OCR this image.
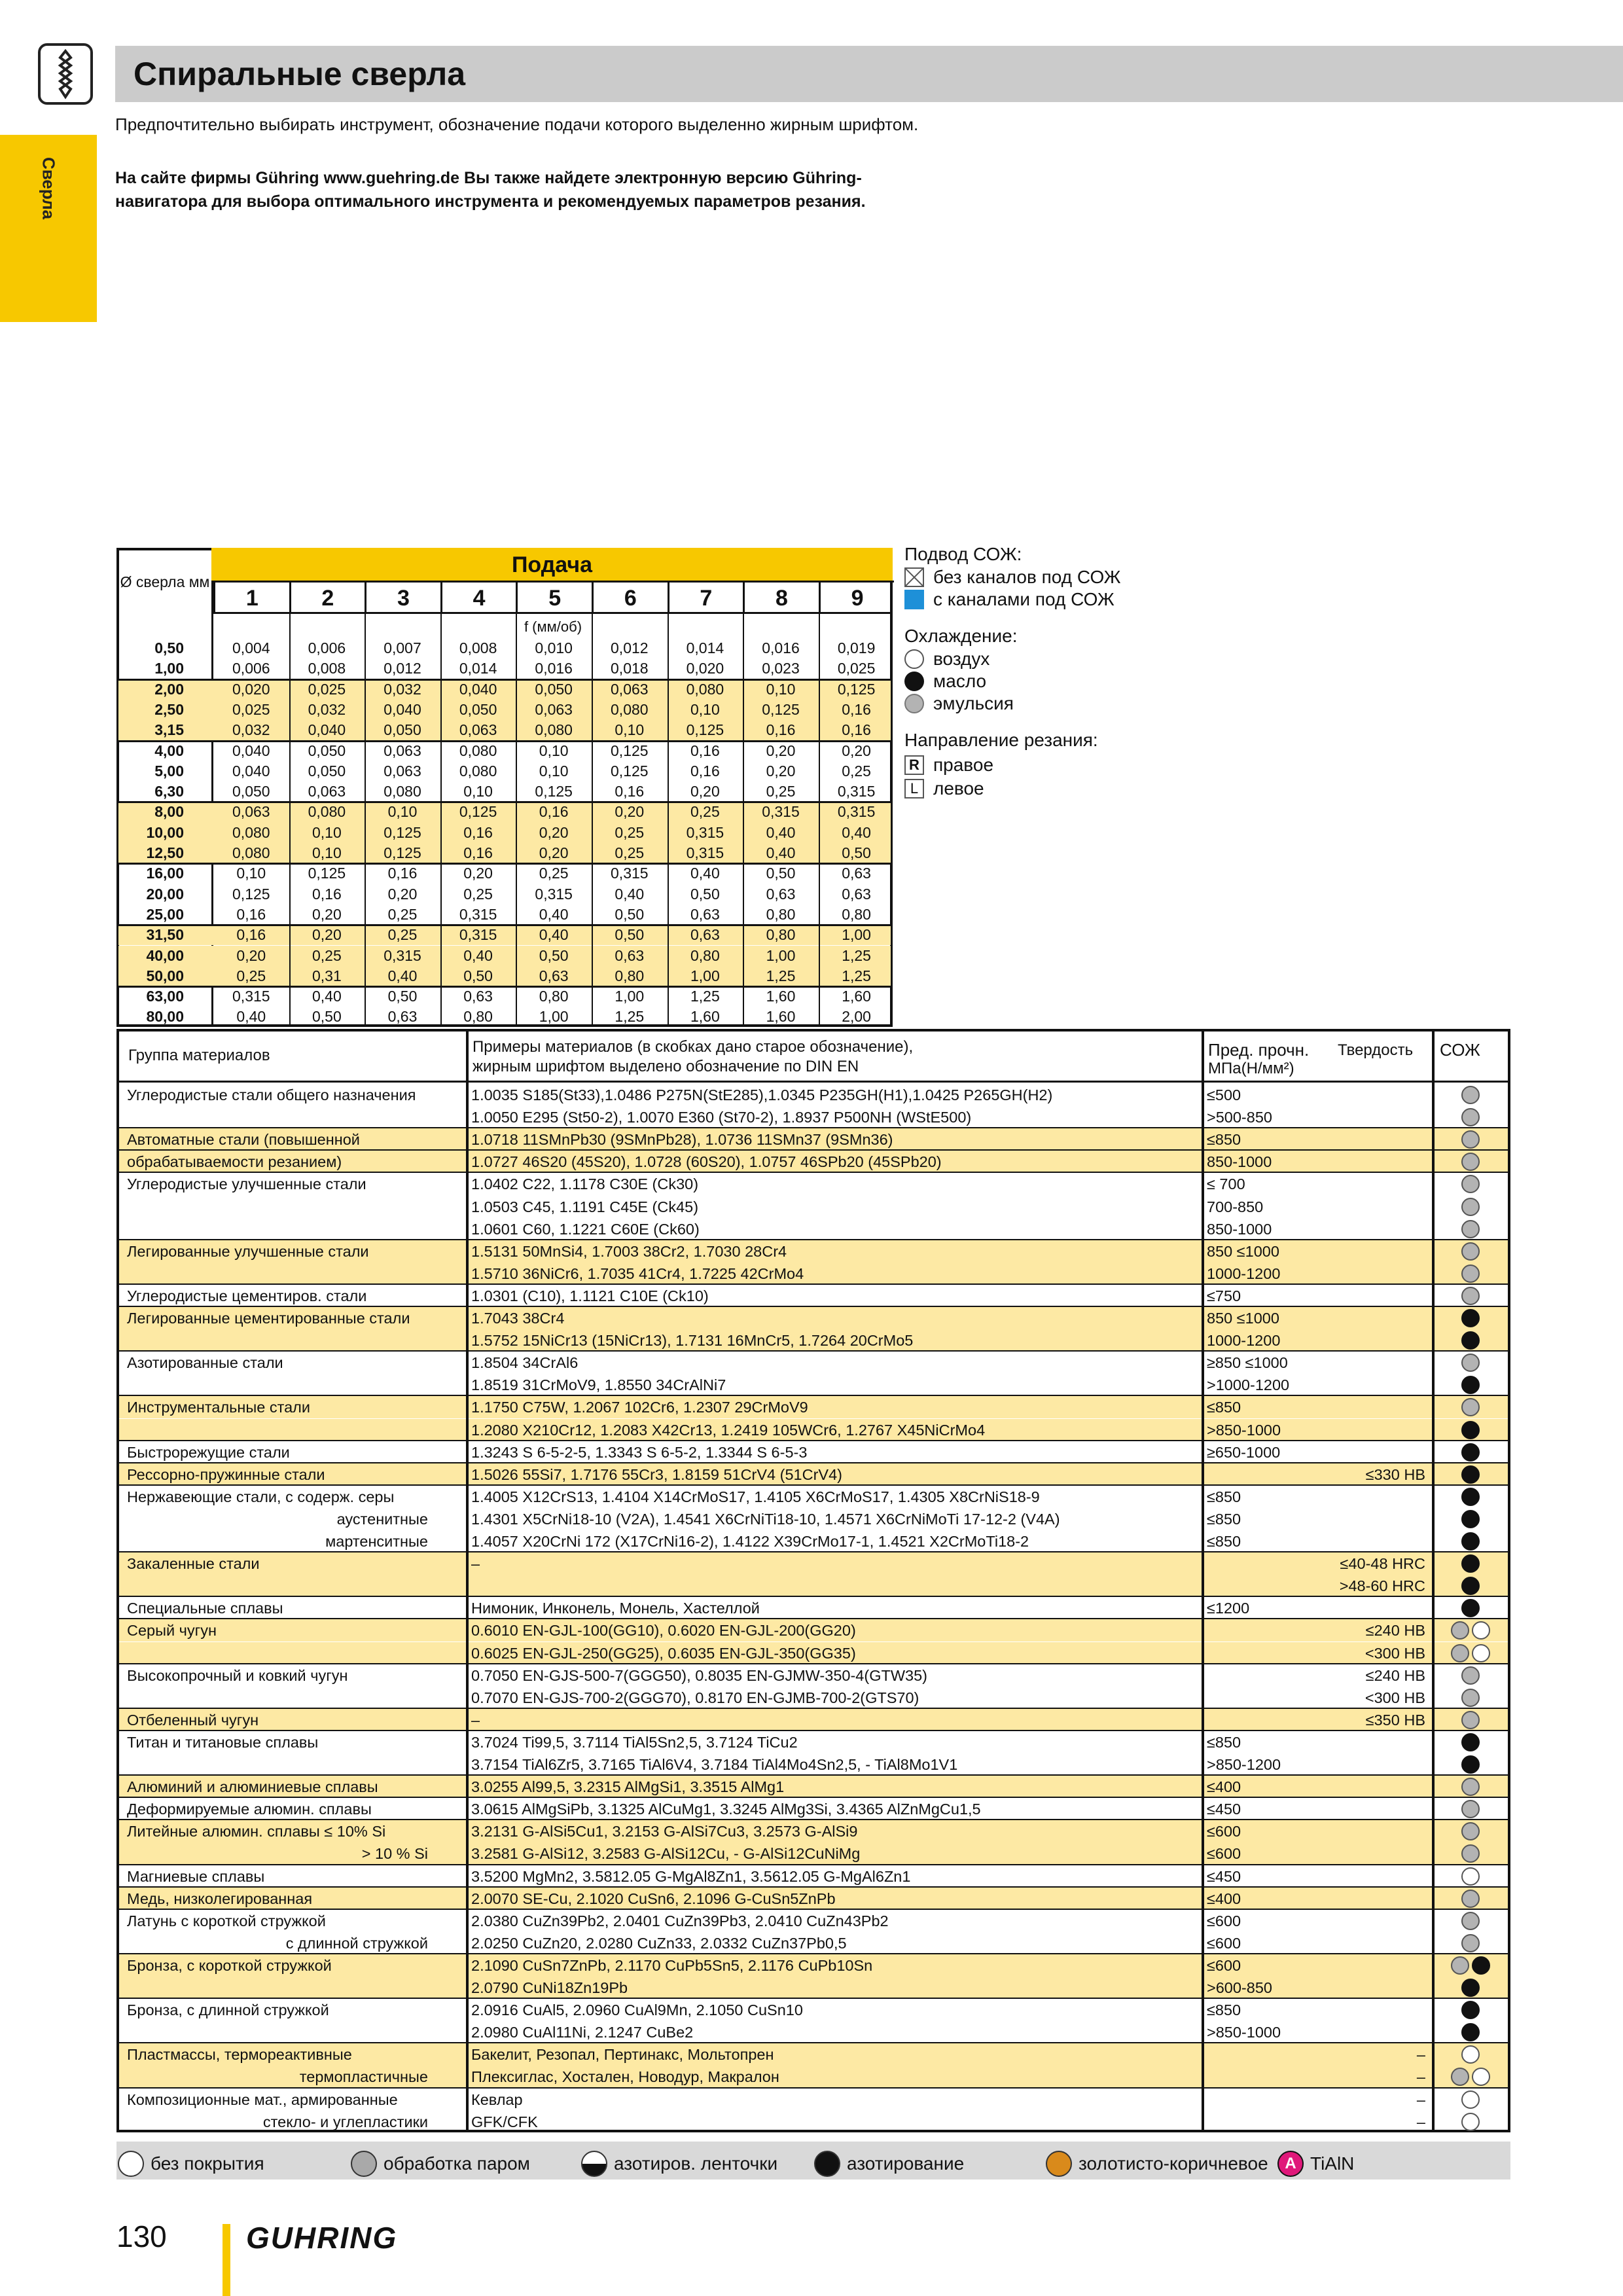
Спиральные сверла
Сверла
Предпочтительно выбирать инструмент, обозначение подачи которого выделенно жирным шрифтом.
На сайте фирмы Gühring www.guehring.de Вы также найдете электронную версию Gühring-навигатора для выбора оптимального инструмента и рекомендуемых параметров резания.
Подача
Ø сверла мм
1	2	3	4	5	6	7	8	9
f (мм/об)
0,50	0,004	0,006	0,007	0,008	0,010	0,012	0,014	0,016	0,019
1,00	0,006	0,008	0,012	0,014	0,016	0,018	0,020	0,023	0,025
2,00	0,020	0,025	0,032	0,040	0,050	0,063	0,080	0,10	0,125
2,50	0,025	0,032	0,040	0,050	0,063	0,080	0,10	0,125	0,16
3,15	0,032	0,040	0,050	0,063	0,080	0,10	0,125	0,16	0,16
4,00	0,040	0,050	0,063	0,080	0,10	0,125	0,16	0,20	0,20
5,00	0,040	0,050	0,063	0,080	0,10	0,125	0,16	0,20	0,25
6,30	0,050	0,063	0,080	0,10	0,125	0,16	0,20	0,25	0,315
8,00	0,063	0,080	0,10	0,125	0,16	0,20	0,25	0,315	0,315
10,00	0,080	0,10	0,125	0,16	0,20	0,25	0,315	0,40	0,40
12,50	0,080	0,10	0,125	0,16	0,20	0,25	0,315	0,40	0,50
16,00	0,10	0,125	0,16	0,20	0,25	0,315	0,40	0,50	0,63
20,00	0,125	0,16	0,20	0,25	0,315	0,40	0,50	0,63	0,63
25,00	0,16	0,20	0,25	0,315	0,40	0,50	0,63	0,80	0,80
31,50	0,16	0,20	0,25	0,315	0,40	0,50	0,63	0,80	1,00
40,00	0,20	0,25	0,315	0,40	0,50	0,63	0,80	1,00	1,25
50,00	0,25	0,31	0,40	0,50	0,63	0,80	1,00	1,25	1,25
63,00	0,315	0,40	0,50	0,63	0,80	1,00	1,25	1,60	1,60
80,00	0,40	0,50	0,63	0,80	1,00	1,25	1,60	1,60	2,00
Подвод СОЖ:
без каналов под СОЖ
с каналами под СОЖ
Охлаждение:
воздух
масло
эмульсия
Направление резания:
R правое
L левое
Группа материалов	Примеры материалов (в скобках дано старое обозначение), жирным шрифтом выделено обозначение по DIN EN
Пред. прочн. Твердость
МПа(Н/мм²)
СОЖ
Углеродистые стали общего назначения	1.0035 S185(St33),1.0486 P275N(StE285),1.0345 P235GH(H1),1.0425 P265GH(H2)	≤500
1.0050 E295 (St50-2), 1.0070 E360 (St70-2), 1.8937 P500NH (WStE500)	>500-850
Автоматные стали (повышенной	1.0718 11SMnPb30 (9SMnPb28), 1.0736 11SMn37 (9SMn36)	≤850
обрабатываемости резанием)	1.0727 46S20 (45S20), 1.0728 (60S20), 1.0757 46SPb20 (45SPb20)	850-1000
Углеродистые улучшенные стали	1.0402 C22, 1.1178 C30E (Ck30)	≤ 700
1.0503 C45, 1.1191 C45E (Ck45)	700-850
1.0601 C60, 1.1221 C60E (Ck60)	850-1000
Легированные улучшенные стали	1.5131 50MnSi4, 1.7003 38Cr2, 1.7030 28Cr4	850 ≤1000
1.5710 36NiCr6, 1.7035 41Cr4, 1.7225 42CrMo4	1000-1200
Углеродистые цементиров. стали	1.0301 (C10), 1.1121 C10E (Ck10)	≤750
Легированные цементированные стали	1.7043 38Cr4	850 ≤1000
1.5752 15NiCr13 (15NiCr13), 1.7131 16MnCr5, 1.7264 20CrMo5	1000-1200
Азотированные стали	1.8504 34CrAl6	≥850 ≤1000
1.8519 31CrMoV9, 1.8550 34CrAlNi7	>1000-1200
Инструментальные стали	1.1750 C75W, 1.2067 102Cr6, 1.2307 29CrMoV9	≤850
1.2080 X210Cr12, 1.2083 X42Cr13, 1.2419 105WCr6, 1.2767 X45NiCrMo4	>850-1000
Быстрорежущие стали	1.3243 S 6-5-2-5, 1.3343 S 6-5-2, 1.3344 S 6-5-3	≥650-1000
Рессорно-пружинные стали	1.5026 55Si7, 1.7176 55Cr3, 1.8159 51CrV4 (51CrV4)	≤330 HB
Нержавеющие стали, с содерж. серы	1.4005 X12CrS13, 1.4104 X14CrMoS17, 1.4105 X6CrMoS17, 1.4305 X8CrNiS18-9	≤850
аустенитные	1.4301 X5CrNi18-10 (V2A), 1.4541 X6CrNiTi18-10, 1.4571 X6CrNiMoTi 17-12-2 (V4A)	≤850
мартенситные	1.4057 X20CrNi 172 (X17CrNi16-2), 1.4122 X39CrMo17-1, 1.4521 X2CrMoTi18-2	≤850
Закаленные стали	–	≤40-48 HRC
>48-60 HRC
Специальные сплавы	Нимоник, Инконель, Монель, Хастеллой	≤1200
Серый чугун	0.6010 EN-GJL-100(GG10), 0.6020 EN-GJL-200(GG20)	≤240 HB
0.6025 EN-GJL-250(GG25), 0.6035 EN-GJL-350(GG35)	<300 HB
Высокопрочный и ковкий чугун	0.7050 EN-GJS-500-7(GGG50), 0.8035 EN-GJMW-350-4(GTW35)	≤240 HB
0.7070 EN-GJS-700-2(GGG70), 0.8170 EN-GJMB-700-2(GTS70)	<300 HB
Отбеленный чугун	–	≤350 HB
Титан и титановые сплавы	3.7024 Ti99,5, 3.7114 TiAl5Sn2,5, 3.7124 TiCu2	≤850
3.7154 TiAl6Zr5, 3.7165 TiAl6V4, 3.7184 TiAl4Mo4Sn2,5, - TiAl8Mo1V1	>850-1200
Алюминий и алюминиевые сплавы	3.0255 Al99,5, 3.2315 AlMgSi1, 3.3515 AlMg1	≤400
Деформируемые алюмин. сплавы	3.0615 AlMgSiPb, 3.1325 AlCuMg1, 3.3245 AlMg3Si, 3.4365 AlZnMgCu1,5	≤450
Литейные алюмин. сплавы ≤ 10% Si	3.2131 G-AlSi5Cu1, 3.2153 G-AlSi7Cu3, 3.2573 G-AlSi9	≤600
> 10 % Si	3.2581 G-AlSi12, 3.2583 G-AlSi12Cu, - G-AlSi12CuNiMg	≤600
Магниевые сплавы	3.5200 MgMn2, 3.5812.05 G-MgAl8Zn1, 3.5612.05 G-MgAl6Zn1	≤450
Медь, низколегированная	2.0070 SE-Cu, 2.1020 CuSn6, 2.1096 G-CuSn5ZnPb	≤400
Латунь с короткой стружкой	2.0380 CuZn39Pb2, 2.0401 CuZn39Pb3, 2.0410 CuZn43Pb2	≤600
с длинной стружкой	2.0250 CuZn20, 2.0280 CuZn33, 2.0332 CuZn37Pb0,5	≤600
Бронза, с короткой стружкой	2.1090 CuSn7ZnPb, 2.1170 CuPb5Sn5, 2.1176 CuPb10Sn	≤600
2.0790 CuNi18Zn19Pb	>600-850
Бронза, с длинной стружкой	2.0916 CuAl5, 2.0960 CuAl9Mn, 2.1050 CuSn10	≤850
2.0980 CuAl11Ni, 2.1247 CuBe2	>850-1000
Пластмассы, термореактивные	Бакелит, Резопал, Пертинакс, Мольтопрен	–
термопластичные	Плексиглас, Хостален, Новодур, Макралон	–
Композиционные мат., армированные	Кевлар	–
стекло- и углепластики	GFK/CFK	–
без покрытия	обработка паром	азотиров. ленточки	азотирование	золотисто-коричневое	A TiAlN
130	GUHRING
